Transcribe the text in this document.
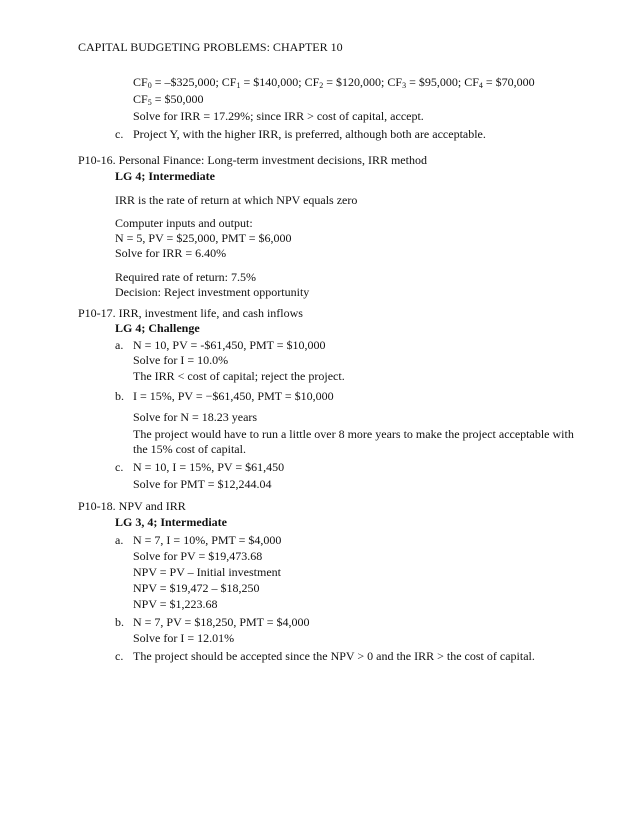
CAPITAL BUDGETING PROBLEMS: CHAPTER 10
$CF_0$ = –$325,000; $CF_1$ = $140,000; $CF_2$ = $120,000; $CF_3$ = $95,000; $CF_4$ = $70,000
$CF_5$ = $50,000
Solve for IRR = 17.29%; since IRR > cost of capital, accept.
c. Project Y, with the higher IRR, is preferred, although both are acceptable.
P10-16. Personal Finance: Long-term investment decisions, IRR method
LG 4; Intermediate
IRR is the rate of return at which NPV equals zero
Computer inputs and output:
N = 5, PV = $25,000, PMT = $6,000
Solve for IRR = 6.40%
Required rate of return: 7.5%
Decision: Reject investment opportunity
P10-17. IRR, investment life, and cash inflows
LG 4; Challenge
a. N = 10, PV = -$61,450, PMT = $10,000
Solve for I = 10.0%
The IRR < cost of capital; reject the project.
b. I = 15%, PV = −$61,450, PMT = $10,000
Solve for N = 18.23 years
The project would have to run a little over 8 more years to make the project acceptable with
the 15% cost of capital.
c. N = 10, I = 15%, PV = $61,450
Solve for PMT = $12,244.04
P10-18. NPV and IRR
LG 3, 4; Intermediate
a. N = 7, I = 10%, PMT = $4,000
Solve for PV = $19,473.68
NPV = PV – Initial investment
NPV = $19,472 – $18,250
NPV = $1,223.68
b. N = 7, PV = $18,250, PMT = $4,000
Solve for I = 12.01%
c. The project should be accepted since the NPV > 0 and the IRR > the cost of capital.
